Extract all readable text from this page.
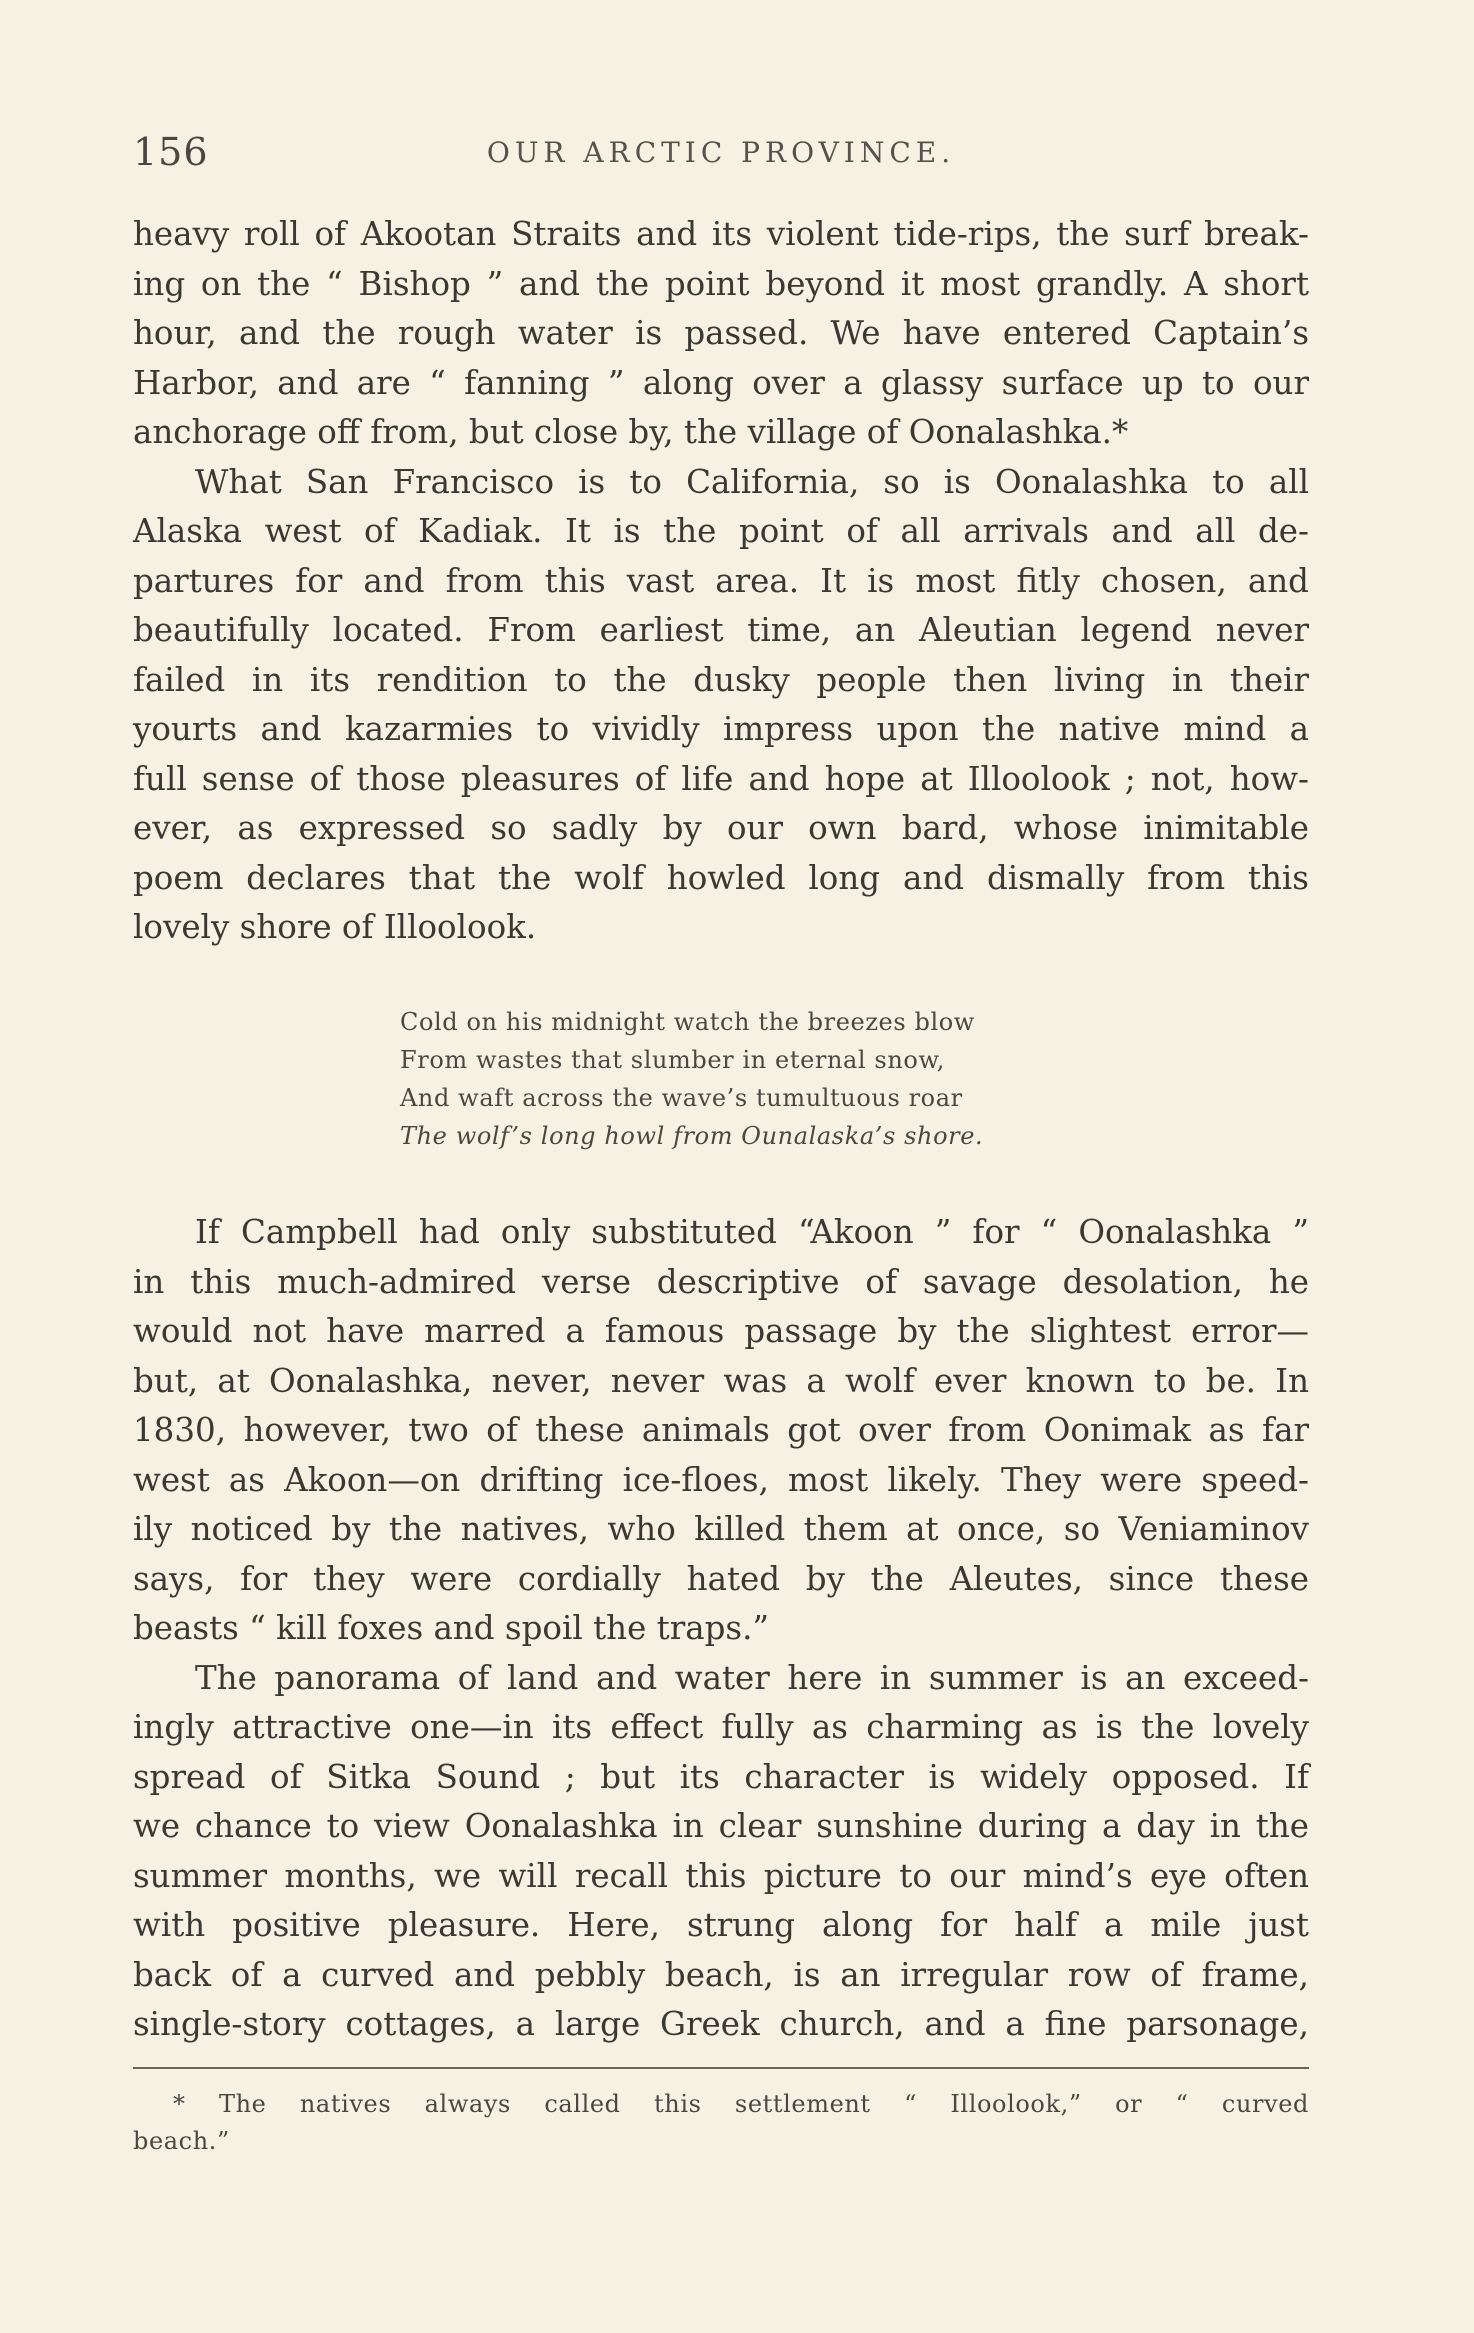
156	OUR ARCTIC PROVINCE.
heavy roll of Akootan Straits and its violent tide-rips, the surf break-
ing on the “ Bishop ” and the point beyond it most grandly. A short
hour, and the rough water is passed. We have entered Captain’s
Harbor, and are “ fanning ” along over a glassy surface up to our
anchorage off from, but close by, the village of Oonalashka.*
What San Francisco is to California, so is Oonalashka to all
Alaska west of Kadiak. It is the point of all arrivals and all de-
partures for and from this vast area. It is most fitly chosen, and
beautifully located. From earliest time, an Aleutian legend never
failed in its rendition to the dusky people then living in their
yourts and kazarmies to vividly impress upon the native mind a
full sense of those pleasures of life and hope at Illoolook ; not, how-
ever, as expressed so sadly by our own bard, whose inimitable
poem declares that the wolf howled long and dismally from this
lovely shore of Illoolook.
Cold on his midnight watch the breezes blow
From wastes that slumber in eternal snow,
And waft across the wave’s tumultuous roar
The wolf’s long howl from Ounalaska’s shore.
If Campbell had only substituted “Akoon ” for “ Oonalashka ”
in this much-admired verse descriptive of savage desolation, he
would not have marred a famous passage by the slightest error—
but, at Oonalashka, never, never was a wolf ever known to be. In
1830, however, two of these animals got over from Oonimak as far
west as Akoon—on drifting ice-floes, most likely. They were speed-
ily noticed by the natives, who killed them at once, so Veniaminov
says, for they were cordially hated by the Aleutes, since these
beasts “ kill foxes and spoil the traps.”
The panorama of land and water here in summer is an exceed-
ingly attractive one—in its effect fully as charming as is the lovely
spread of Sitka Sound ; but its character is widely opposed. If
we chance to view Oonalashka in clear sunshine during a day in the
summer months, we will recall this picture to our mind’s eye often
with positive pleasure. Here, strung along for half a mile just
back of a curved and pebbly beach, is an irregular row of frame,
single-story cottages, a large Greek church, and a fine parsonage,
* The natives always called this settlement “ Illoolook,” or “ curved
beach.”
